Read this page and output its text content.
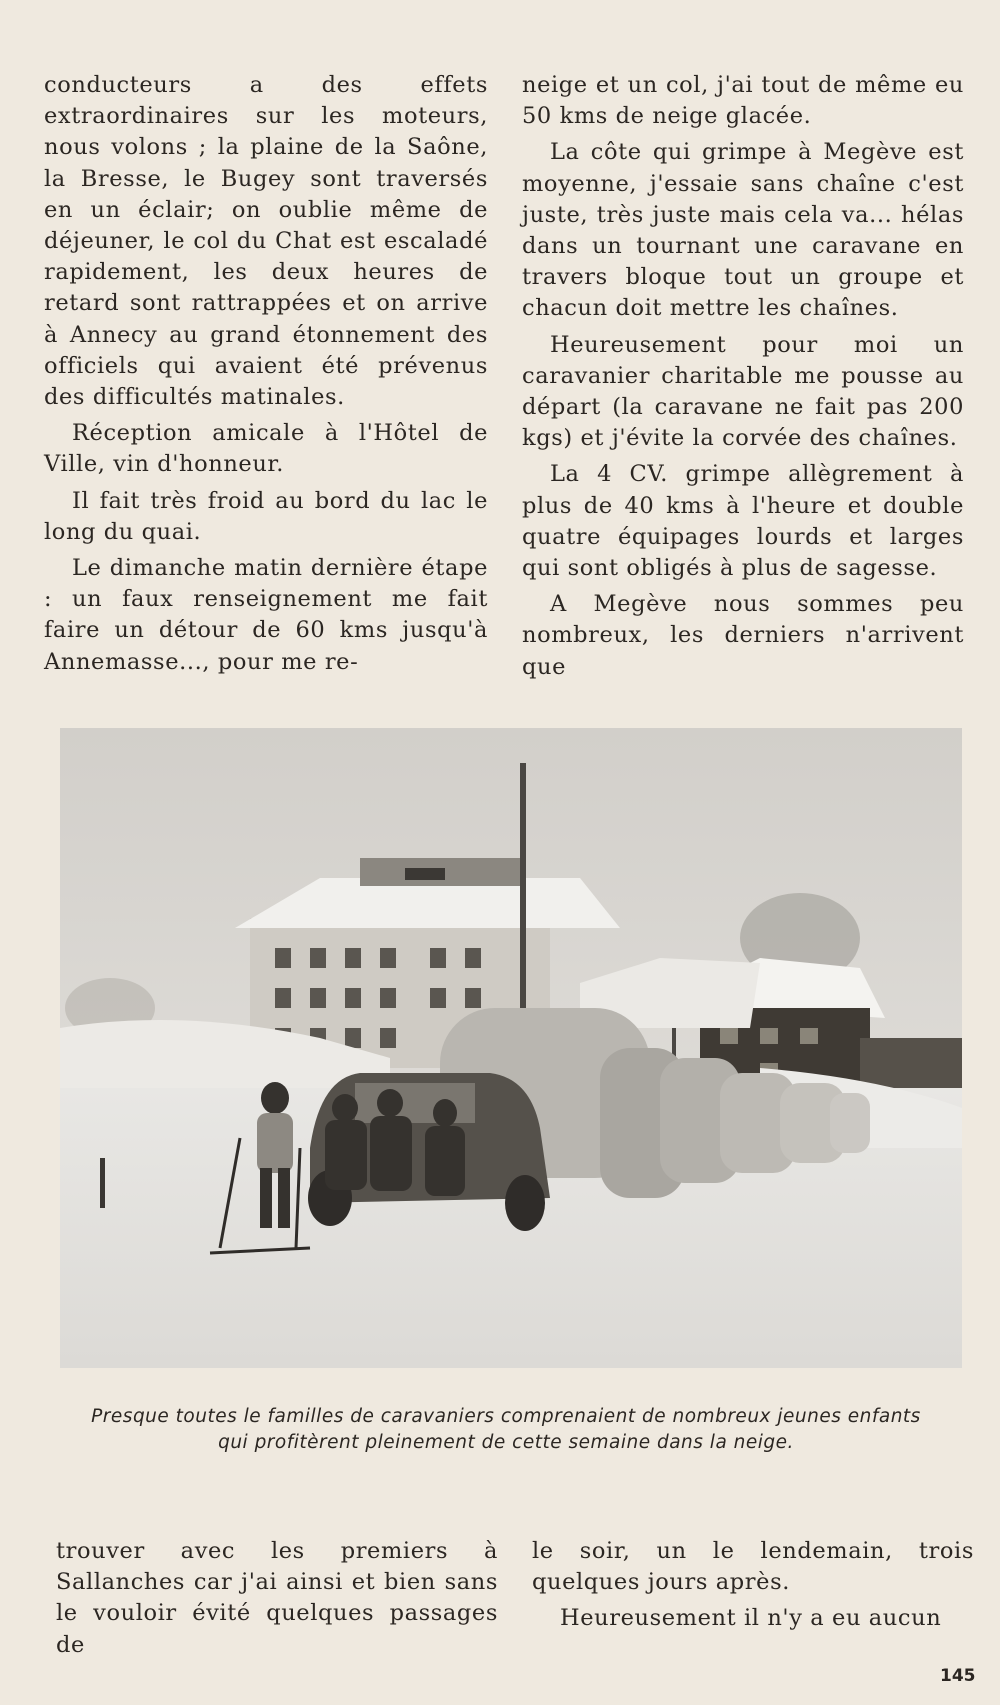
conducteurs a des effets extraordinaires sur les moteurs, nous volons ; la plaine de la Saône, la Bresse, le Bugey sont traversés en un éclair; on oublie même de déjeuner, le col du Chat est escaladé rapidement, les deux heures de retard sont rattrappées et on arrive à Annecy au grand étonnement des officiels qui avaient été prévenus des difficultés matinales.

Réception amicale à l'Hôtel de Ville, vin d'honneur.

Il fait très froid au bord du lac le long du quai.

Le dimanche matin dernière étape : un faux renseignement me fait faire un détour de 60 kms jusqu'à Annemasse..., pour me re-

neige et un col, j'ai tout de même eu 50 kms de neige glacée.

La côte qui grimpe à Megève est moyenne, j'essaie sans chaîne c'est juste, très juste mais cela va... hélas dans un tournant une caravane en travers bloque tout un groupe et chacun doit mettre les chaînes.

Heureusement pour moi un caravanier charitable me pousse au départ (la caravane ne fait pas 200 kgs) et j'évite la corvée des chaînes.

La 4 CV. grimpe allègrement à plus de 40 kms à l'heure et double quatre équipages lourds et larges qui sont obligés à plus de sagesse.

A Megève nous sommes peu nombreux, les derniers n'arrivent que

Presque toutes le familles de caravaniers comprenaient de nombreux jeunes enfants
qui profitèrent pleinement de cette semaine dans la neige.

trouver avec les premiers à Sallanches car j'ai ainsi et bien sans le vouloir évité quelques passages de

le soir, un le lendemain, trois quelques jours après.

Heureusement il n'y a eu aucun

145
